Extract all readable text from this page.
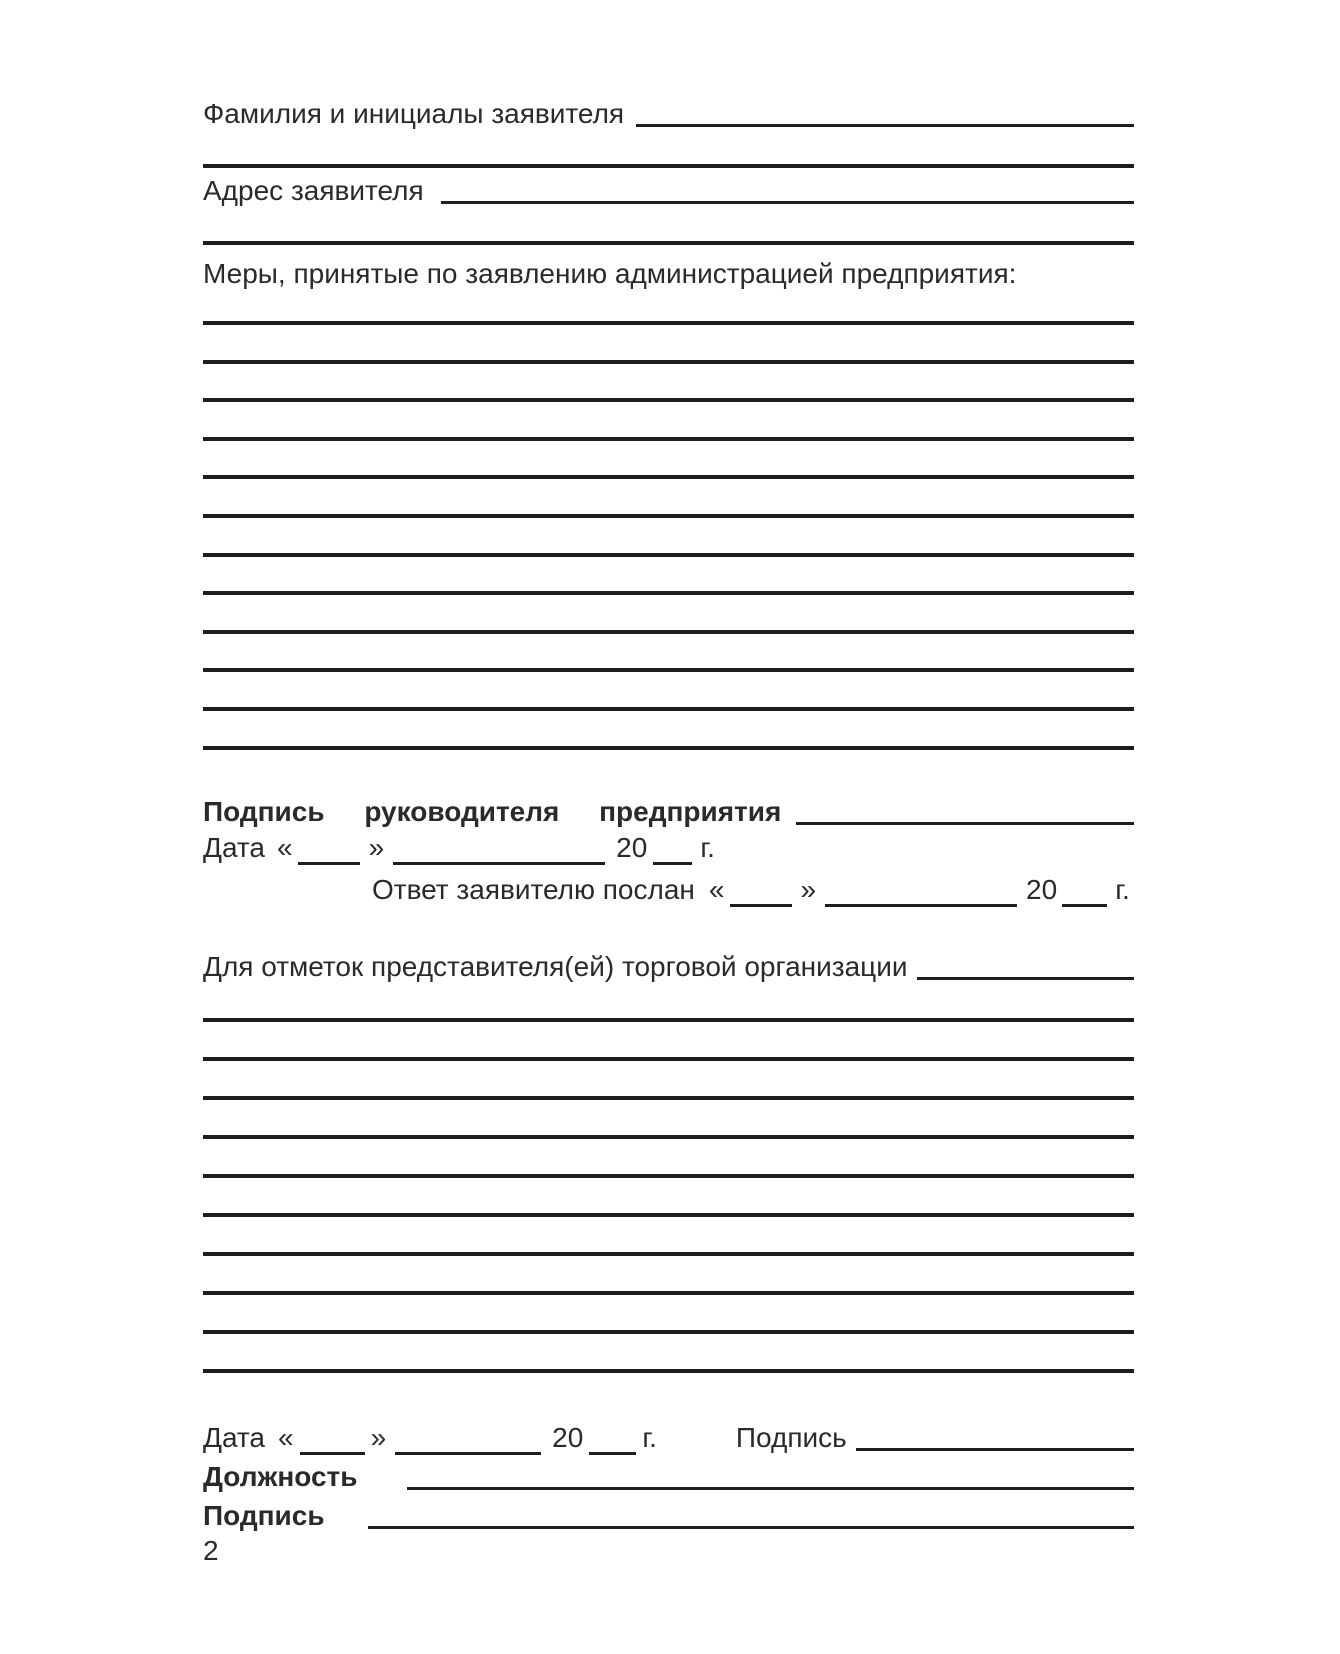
Фамилия и инициалы заявителя
Адрес заявителя
Меры, принятые по заявлению администрацией предприятия:
Подпись руководителя предприятия
Дата «	»	20 г.
Ответ заявителю послан «	»	20 г.
Для отметок представителя(ей) торговой организации
Дата «	»	20 г.	Подпись
Должность
Подпись
2
